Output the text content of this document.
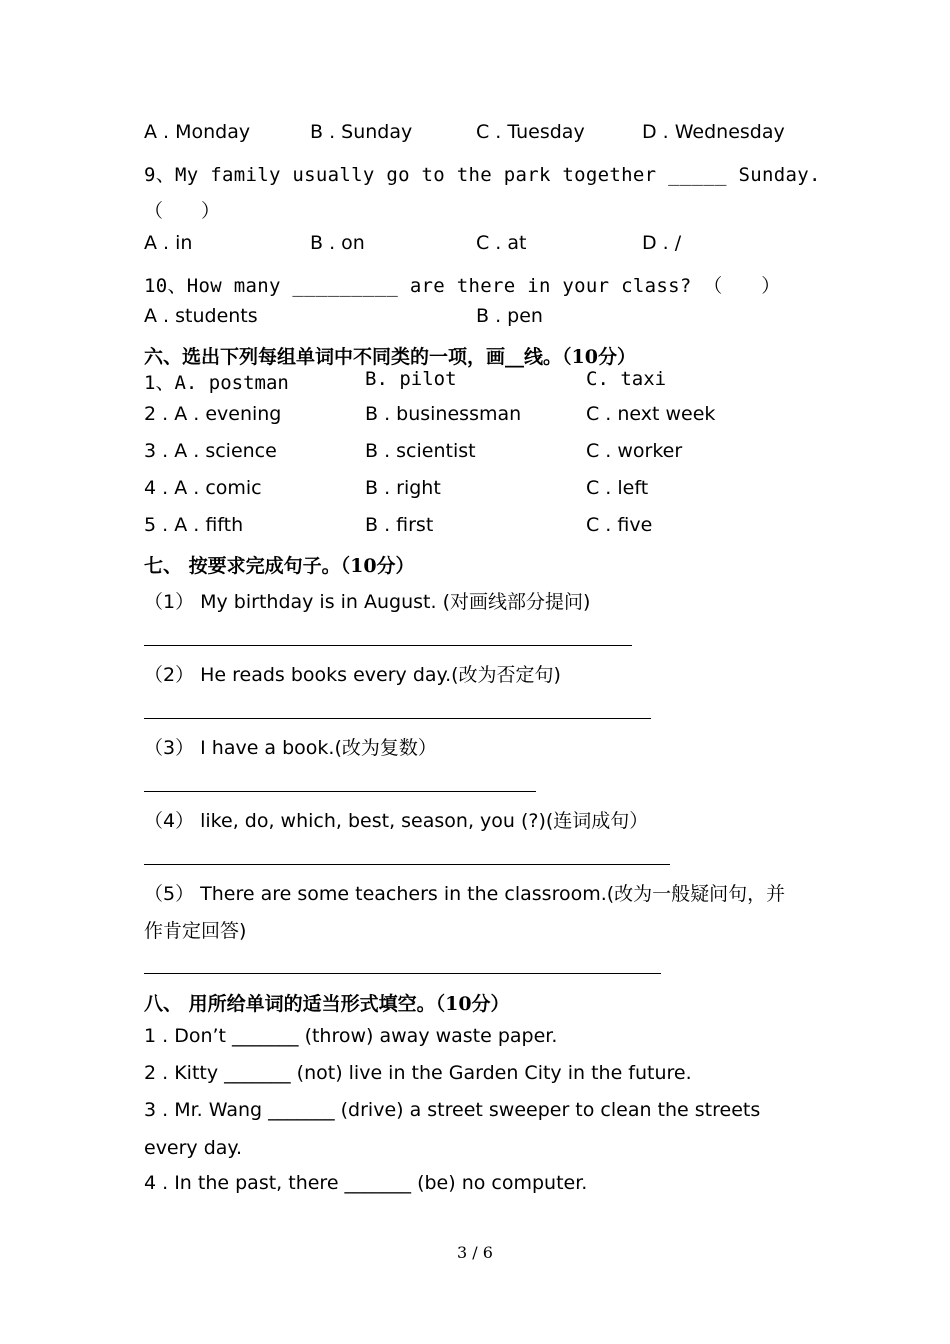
A . Monday	B . Sunday	C . Tuesday	D . Wednesday
9、My family usually go to the park together _____ Sunday.
（　　）
A . in	B . on	C . at	D . /
10、How many _________ are there in your class? （　　）
A . students	B . pen
六、选出下列每组单词中不同类的一项，画__线。（10分）
1、A. postman	B. pilot	C. taxi
2 . A . evening	B . businessman	C . next week
3 . A . science	B . scientist	C . worker
4 . A . comic	B . right	C . left
5 . A . fifth	B . first	C . five
七、 按要求完成句子。（10分）
（1） My birthday is in August. (对画线部分提问)
（2） He reads books every day.(改为否定句)
（3） I have a book.(改为复数）
（4） like, do, which, best, season, you (?)(连词成句）
（5） There are some teachers in the classroom.(改为一般疑问句，并
作肯定回答)
八、 用所给单词的适当形式填空。（10分）
1 . Don’t _______ (throw) away waste paper.
2 . Kitty _______ (not) live in the Garden City in the future.
3 . Mr. Wang _______ (drive) a street sweeper to clean the streets
every day.
4 . In the past, there _______ (be) no computer.
3 / 6
